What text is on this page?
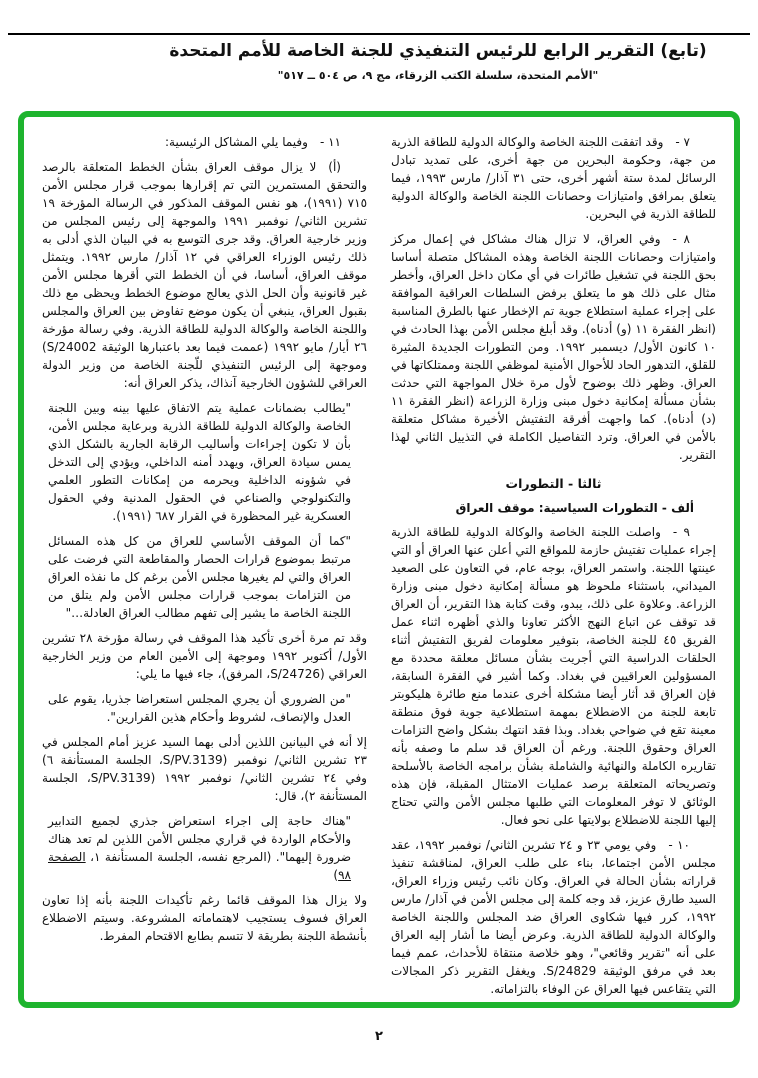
(تابع) التقرير الرابع للرئيس التنفيذي للجنة الخاصة للأمم المتحدة
"الأمم المتحدة، سلسلة الكتب الزرقاء، مج ٩، ص ٥٠٤ ــ ٥١٧"

٧ -  وقد اتفقت اللجنة الخاصة والوكالة الدولية للطاقة الذرية من جهة، وحكومة البحرين من جهة أخرى، على تمديد تبادل الرسائل لمدة ستة أشهر أخرى، حتى ٣١ آذار/ مارس ١٩٩٣، فيما يتعلق بمرافق وامتيازات وحصانات اللجنة الخاصة والوكالة الدولية للطاقة الذرية في البحرين.

٨ -  وفي العراق، لا تزال هناك مشاكل في إعمال مركز وامتيازات وحصانات اللجنة الخاصة وهذه المشاكل متصلة أساسا بحق اللجنة في تشغيل طائرات في أي مكان داخل العراق، وأخطر مثال على ذلك هو ما يتعلق برفض السلطات العراقية الموافقة على إجراء عملية استطلاع جوية تم الإخطار عنها بالطرق المناسبة (انظر الفقرة ١١ (و) أدناه). وقد أبلغ مجلس الأمن بهذا الحادث في ١٠ كانون الأول/ ديسمبر ١٩٩٢. ومن التطورات الجديدة المثيرة للقلق، التدهور الحاد للأحوال الأمنية لموظفي اللجنة وممتلكاتها في العراق. وظهر ذلك بوضوح لأول مرة خلال المواجهة التي حدثت بشأن مسألة إمكانية دخول مبنى وزارة الزراعة (انظر الفقرة ١١ (د) أدناه). كما واجهت أفرقة التفتيش الأخيرة مشاكل متعلقة بالأمن في العراق. وترد التفاصيل الكاملة في التذييل الثاني لهذا التقرير.

ثالثا - التطورات
ألف - التطورات السياسية: موقف العراق

٩ -  واصلت اللجنة الخاصة والوكالة الدولية للطاقة الذرية إجراء عمليات تفتيش حازمة للمواقع التي أعلن عنها العراق أو التي عينتها اللجنة. واستمر العراق، بوجه عام، في التعاون على الصعيد الميداني، باستثناء ملحوظ هو مسألة إمكانية دخول مبنى وزارة الزراعة. وعلاوة على ذلك، يبدو، وقت كتابة هذا التقرير، أن العراق قد توقف عن اتباع النهج الأكثر تعاونا والذي أظهره اثناء عمل الفريق ٤٥ للجنة الخاصة، بتوفير معلومات لفريق التفتيش أثناء الحلقات الدراسية التي أجريت بشأن مسائل معلقة محددة مع المسؤولين العراقيين في بغداد. وكما أشير في الفقرة السابقة، فإن العراق قد أثار أيضا مشكلة أخرى عندما منع طائرة هليكوبتر تابعة للجنة من الاضطلاع بمهمة استطلاعية جوية فوق منطقة معينة تقع في ضواحي بغداد. وبذا فقد انتهك بشكل واضح التزامات العراق وحقوق اللجنة. ورغم أن العراق قد سلم ما وصفه بأنه تقاريره الكاملة والنهائية والشاملة بشأن برامجه الخاصة بالأسلحة وتصريحاته المتعلقة برصد عمليات الامتثال المقبلة، فإن هذه الوثائق لا توفر المعلومات التي طلبها مجلس الأمن والتي تحتاج إليها اللجنة للاضطلاع بولايتها على نحو فعال.

١٠ -  وفي يومي ٢٣ و ٢٤ تشرين الثاني/ نوفمبر ١٩٩٢، عقد مجلس الأمن اجتماعا، بناء على طلب العراق، لمناقشة تنفيذ قراراته بشأن الحالة في العراق. وكان نائب رئيس وزراء العراق، السيد طارق عزيز، قد وجه كلمة إلى مجلس الأمن في آذار/ مارس ١٩٩٢، كرر فيها شكاوى العراق ضد المجلس واللجنة الخاصة والوكالة الدولية للطاقة الذرية. وعرض أيضا ما أشار إليه العراق على أنه "تقرير وقائعي"، وهو خلاصة منتقاة للأحداث، عمم فيما بعد في مرفق الوثيقة S/24829. ويغفل التقرير ذكر المجالات التي يتقاعس فيها العراق عن الوفاء بالتزاماته.

١١ -  وفيما يلي المشاكل الرئيسية:

(أ)  لا يزال موقف العراق بشأن الخطط المتعلقة بالرصد والتحقق المستمرين التي تم إقرارها بموجب قرار مجلس الأمن ٧١٥ (١٩٩١)، هو نفس الموقف المذكور في الرسالة المؤرخة ١٩ تشرين الثاني/ نوفمبر ١٩٩١ والموجهة إلى رئيس المجلس من وزير خارجية العراق. وقد جرى التوسع به في البيان الذي أدلى به ذلك رئيس الوزراء العراقي في ١٢ آذار/ مارس ١٩٩٢. ويتمثل موقف العراق، أساسا، في أن الخطط التي أقرها مجلس الأمن غير قانونية وأن الحل الذي يعالج موضوع الخطط ويحظى مع ذلك بقبول العراق، ينبغي أن يكون موضع تفاوض بين العراق والمجلس واللجنة الخاصة والوكالة الدولية للطاقة الذرية. وفي رسالة مؤرخة ٢٦ أيار/ مايو ١٩٩٢ (عممت فيما بعد باعتبارها الوثيقة S/24002) وموجهة إلى الرئيس التنفيذي للّجنة الخاصة من وزير الدولة العراقي للشؤون الخارجية آنذاك، يذكر العراق أنه:

"يطالب بضمانات عملية يتم الاتفاق عليها بينه وبين اللجنة الخاصة والوكالة الدولية للطاقة الذرية وبرعاية مجلس الأمن، بأن لا تكون إجراءات وأساليب الرقابة الجارية بالشكل الذي يمس سيادة العراق، ويهدد أمنه الداخلي، ويؤدي إلى التدخل في شؤونه الداخلية ويحرمه من إمكانات التطور العلمي والتكنولوجي والصناعي في الحقول المدنية وفي الحقول العسكرية غير المحظورة في القرار ٦٨٧ (١٩٩١).
"كما أن الموقف الأساسي للعراق من كل هذه المسائل مرتبط بموضوع قرارات الحصار والمقاطعة التي فرضت على العراق والتي لم يغيرها مجلس الأمن برغم كل ما نفذه العراق من التزامات بموجب قرارات مجلس الأمن ولم يتلق من اللجنة الخاصة ما يشير إلى تفهم مطالب العراق العادلة…"

وقد تم مرة أخرى تأكيد هذا الموقف في رسالة مؤرخة ٢٨ تشرين الأول/ أكتوبر ١٩٩٢ وموجهة إلى الأمين العام من وزير الخارجية العراقي (S/24726، المرفق)، جاء فيها ما يلي:

"من الضروري أن يجري المجلس استعراضا جذريا، يقوم على العدل والإنصاف، لشروط وأحكام هذين القرارين".

إلا أنه في البيانين اللذين أدلى بهما السيد عزيز أمام المجلس في ٢٣ تشرين الثاني/ نوفمبر (S/PV.3139، الجلسة المستأنفة ٦) وفي ٢٤ تشرين الثاني/ نوفمبر ١٩٩٢ (S/PV.3139، الجلسة المستأنفة ٢)، قال:

"هناك حاجة إلى اجراء استعراض جذري لجميع التدابير والأحكام الواردة في قراري مجلس الأمن اللذين لم تعد هناك ضرورة إليهما". (المرجع نفسه، الجلسة المستأنفة ١، الصفحة ٩٨)

ولا يزال هذا الموقف قائما رغم تأكيدات اللجنة بأنه إذا تعاون العراق فسوف يستجيب لاهتماماته المشروعة. وسيتم الاضطلاع بأنشطة اللجنة بطريقة لا تتسم بطابع الاقتحام المفرط.

٢
